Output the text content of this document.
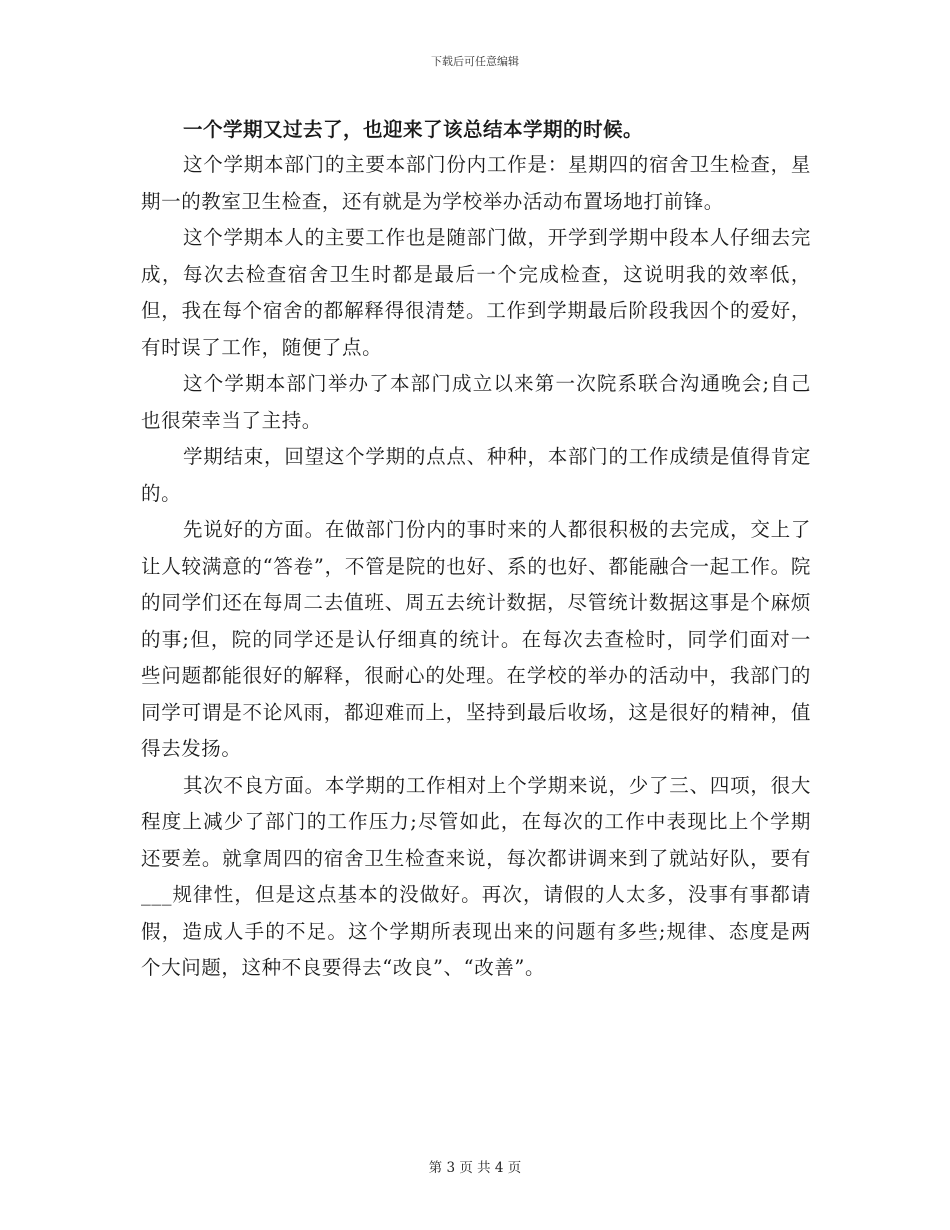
下载后可任意编辑

一个学期又过去了，也迎来了该总结本学期的时候。

这个学期本部门的主要本部门份内工作是：星期四的宿舍卫生检查，星期一的教室卫生检查，还有就是为学校举办活动布置场地打前锋。

这个学期本人的主要工作也是随部门做，开学到学期中段本人仔细去完成，每次去检查宿舍卫生时都是最后一个完成检查，这说明我的效率低，但，我在每个宿舍的都解释得很清楚。工作到学期最后阶段我因个的爱好，有时误了工作，随便了点。

这个学期本部门举办了本部门成立以来第一次院系联合沟通晚会;自己也很荣幸当了主持。

学期结束，回望这个学期的点点、种种，本部门的工作成绩是值得肯定的。

先说好的方面。在做部门份内的事时来的人都很积极的去完成，交上了让人较满意的“答卷”，不管是院的也好、系的也好、都能融合一起工作。院的同学们还在每周二去值班、周五去统计数据，尽管统计数据这事是个麻烦的事;但，院的同学还是认仔细真的统计。在每次去查检时，同学们面对一些问题都能很好的解释，很耐心的处理。在学校的举办的活动中，我部门的同学可谓是不论风雨，都迎难而上，坚持到最后收场，这是很好的精神，值得去发扬。

其次不良方面。本学期的工作相对上个学期来说，少了三、四项，很大程度上减少了部门的工作压力;尽管如此，在每次的工作中表现比上个学期还要差。就拿周四的宿舍卫生检查来说，每次都讲调来到了就站好队，要有___规律性，但是这点基本的没做好。再次，请假的人太多，没事有事都请假，造成人手的不足。这个学期所表现出来的问题有多些;规律、态度是两个大问题，这种不良要得去“改良”、“改善”。

第 3 页 共 4 页
